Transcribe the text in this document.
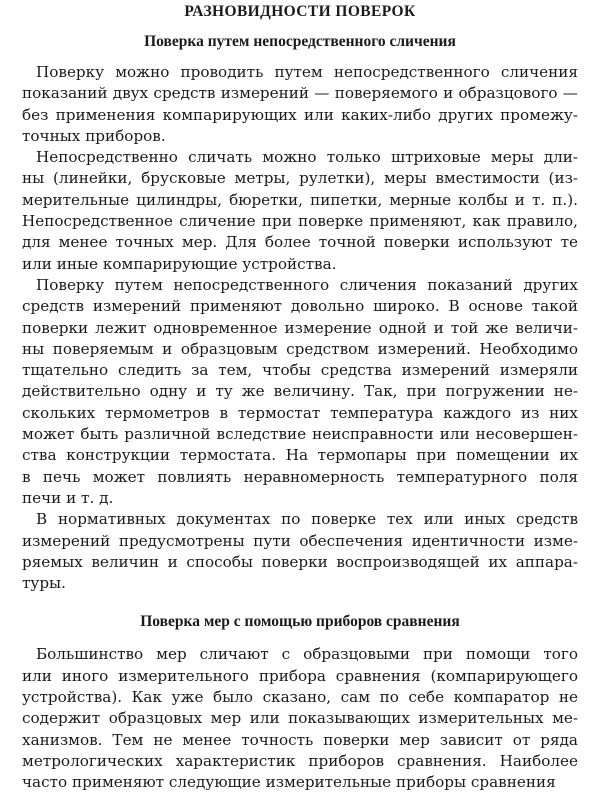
РАЗНОВИДНОСТИ ПОВЕРОК
Поверка путем непосредственного сличения

Поверку можно проводить путем непосредственного сличения
показаний двух средств измерений — поверяемого и образцового —
без применения компарирующих или каких-либо других промежу-
точных приборов.

Непосредственно сличать можно только штриховые меры дли-
ны (линейки, брусковые метры, рулетки), меры вместимости (из-
мерительные цилиндры, бюретки, пипетки, мерные колбы и т. п.).
Непосредственное сличение при поверке применяют, как правило,
для менее точных мер. Для более точной поверки используют те
или иные компарирующие устройства.

Поверку путем непосредственного сличения показаний других
средств измерений применяют довольно широко. В основе такой
поверки лежит одновременное измерение одной и той же величи-
ны поверяемым и образцовым средством измерений. Необходимо
тщательно следить за тем, чтобы средства измерений измеряли
действительно одну и ту же величину. Так, при погружении не-
скольких термометров в термостат температура каждого из них
может быть различной вследствие неисправности или несовершен-
ства конструкции термостата. На термопары при помещении их
в печь может повлиять неравномерность температурного поля
печи и т. д.

В нормативных документах по поверке тех или иных средств
измерений предусмотрены пути обеспечения идентичности изме-
ряемых величин и способы поверки воспроизводящей их аппара-
туры.

Поверка мер с помощью приборов сравнения

Большинство мер сличают с образцовыми при помощи того
или иного измерительного прибора сравнения (компарирующего
устройства). Как уже было сказано, сам по себе компаратор не
содержит образцовых мер или показывающих измерительных ме-
ханизмов. Тем не менее точность поверки мер зависит от ряда
метрологических характеристик приборов сравнения. Наиболее
часто применяют следующие измерительные приборы сравнения
